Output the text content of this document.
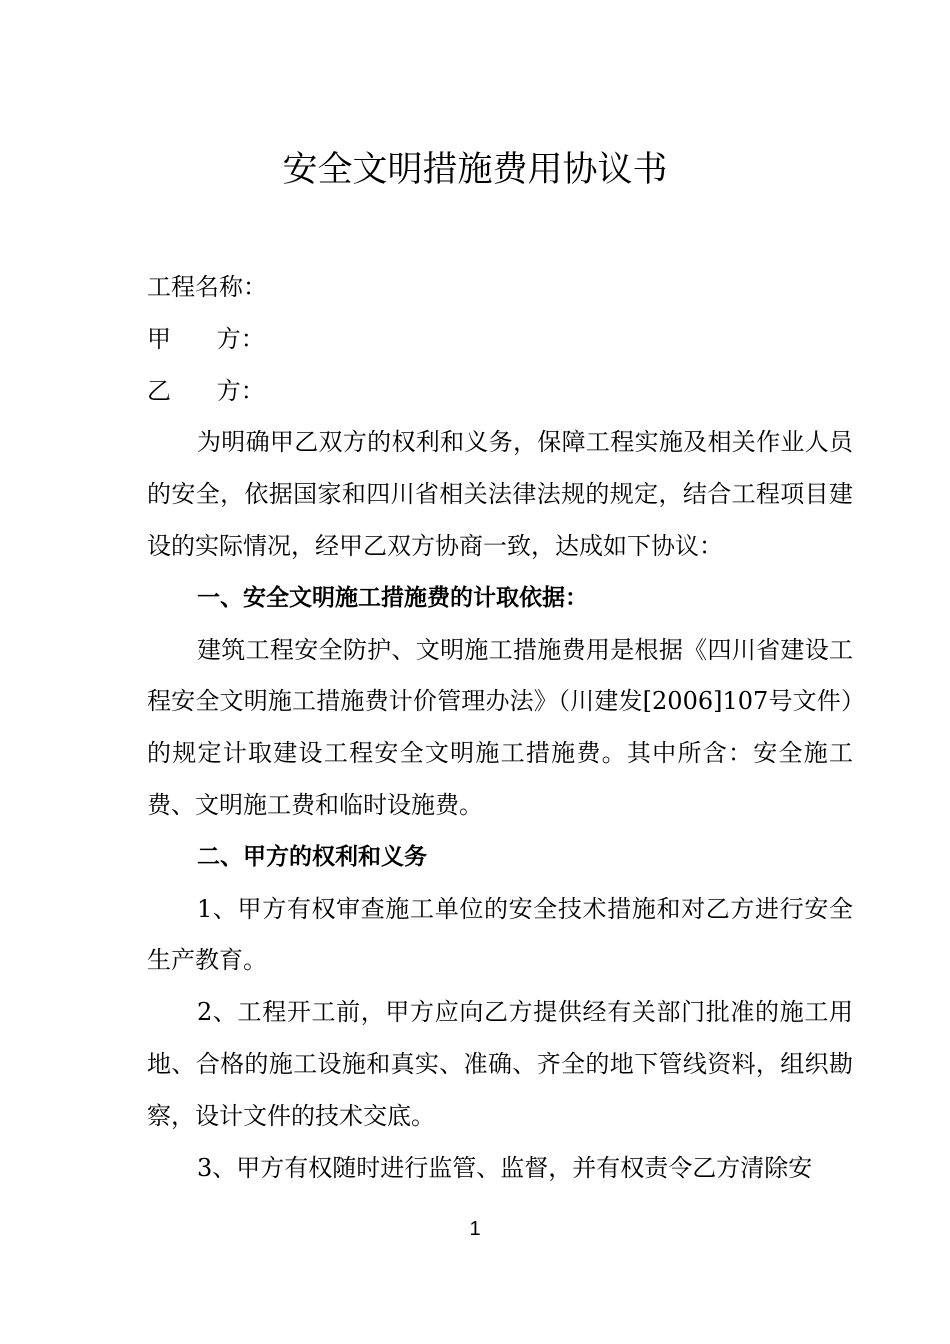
安全文明措施费用协议书
工程名称：
甲      方：
乙      方：
为明确甲乙双方的权利和义务，保障工程实施及相关作业人员的安全，依据国家和四川省相关法律法规的规定，结合工程项目建设的实际情况，经甲乙双方协商一致，达成如下协议：
一、安全文明施工措施费的计取依据：
建筑工程安全防护、文明施工措施费用是根据《四川省建设工程安全文明施工措施费计价管理办法》（川建发[2006]107号文件）的规定计取建设工程安全文明施工措施费。其中所含：安全施工费、文明施工费和临时设施费。
二、甲方的权利和义务
1、甲方有权审查施工单位的安全技术措施和对乙方进行安全生产教育。
2、工程开工前，甲方应向乙方提供经有关部门批准的施工用地、合格的施工设施和真实、准确、齐全的地下管线资料，组织勘察，设计文件的技术交底。
3、甲方有权随时进行监管、监督，并有权责令乙方清除安
1
